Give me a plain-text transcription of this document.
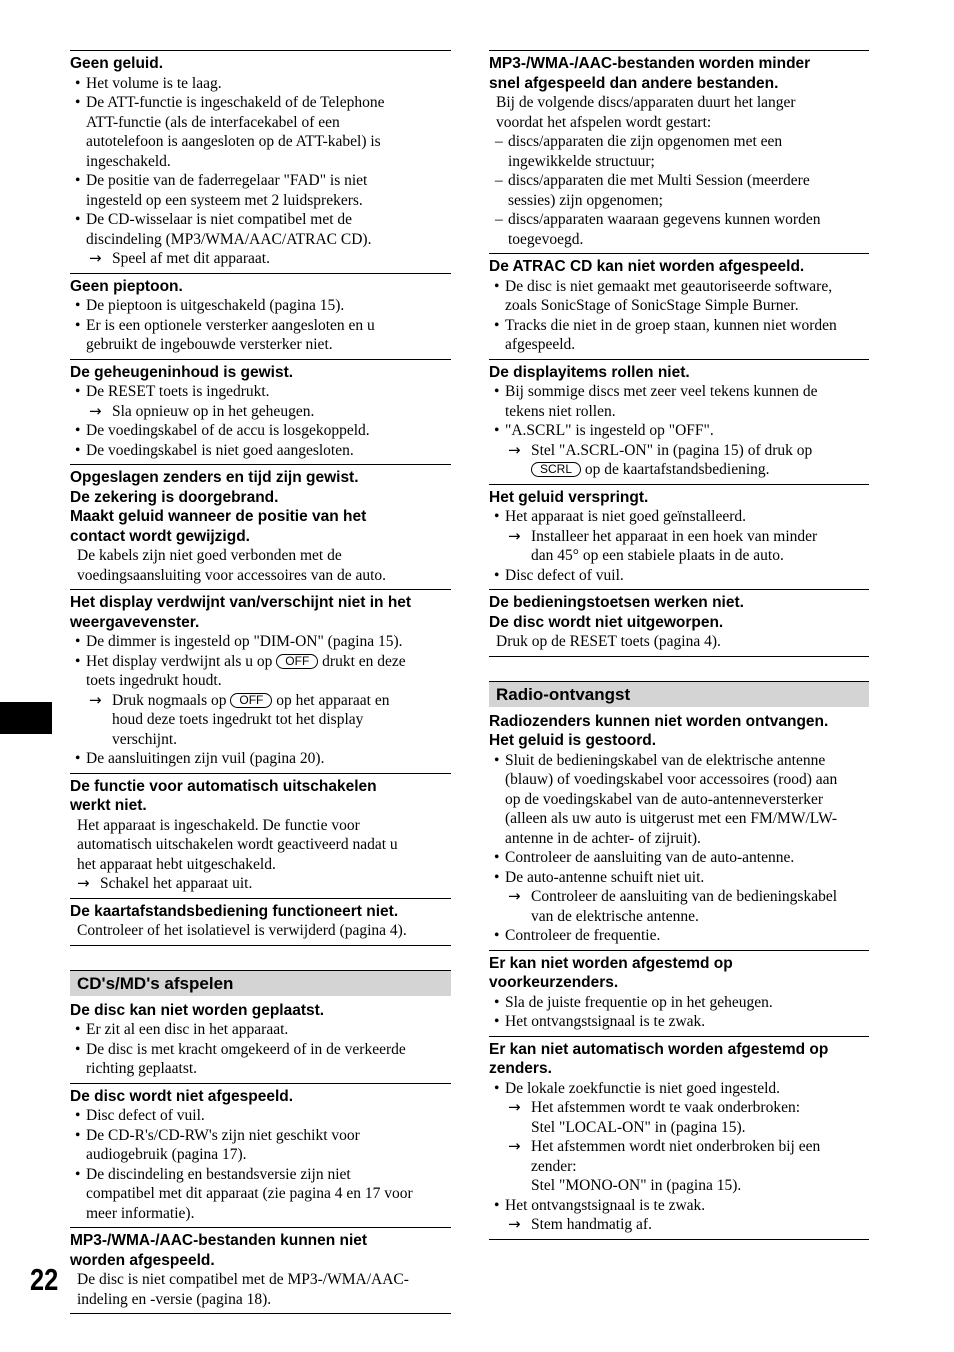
Geen geluid.
• Het volume is te laag.
• De ATT-functie is ingeschakeld of de Telephone
ATT-functie (als de interfacekabel of een
autotelefoon is aangesloten op de ATT-kabel) is
ingeschakeld.
• De positie van de faderregelaar "FAD" is niet
ingesteld op een systeem met 2 luidsprekers.
• De CD-wisselaar is niet compatibel met de
discindeling (MP3/WMA/AAC/ATRAC CD).
→ Speel af met dit apparaat.
Geen pieptoon.
• De pieptoon is uitgeschakeld (pagina 15).
• Er is een optionele versterker aangesloten en u
gebruikt de ingebouwde versterker niet.
De geheugeninhoud is gewist.
• De RESET toets is ingedrukt.
→ Sla opnieuw op in het geheugen.
• De voedingskabel of de accu is losgekoppeld.
• De voedingskabel is niet goed aangesloten.
Opgeslagen zenders en tijd zijn gewist.
De zekering is doorgebrand.
Maakt geluid wanneer de positie van het
contact wordt gewijzigd.
De kabels zijn niet goed verbonden met de
voedingsaansluiting voor accessoires van de auto.
Het display verdwijnt van/verschijnt niet in het
weergavevenster.
• De dimmer is ingesteld op "DIM-ON" (pagina 15).
• Het display verdwijnt als u op OFF drukt en deze
toets ingedrukt houdt.
→ Druk nogmaals op OFF op het apparaat en
houd deze toets ingedrukt tot het display
verschijnt.
• De aansluitingen zijn vuil (pagina 20).
De functie voor automatisch uitschakelen
werkt niet.
Het apparaat is ingeschakeld. De functie voor
automatisch uitschakelen wordt geactiveerd nadat u
het apparaat hebt uitgeschakeld.
→ Schakel het apparaat uit.
De kaartafstandsbediening functioneert niet.
Controleer of het isolatievel is verwijderd (pagina 4).
CD's/MD's afspelen
De disc kan niet worden geplaatst.
• Er zit al een disc in het apparaat.
• De disc is met kracht omgekeerd of in de verkeerde
richting geplaatst.
De disc wordt niet afgespeeld.
• Disc defect of vuil.
• De CD-R's/CD-RW's zijn niet geschikt voor
audiogebruik (pagina 17).
• De discindeling en bestandsversie zijn niet
compatibel met dit apparaat (zie pagina 4 en 17 voor
meer informatie).
MP3-/WMA-/AAC-bestanden kunnen niet
worden afgespeeld.
De disc is niet compatibel met de MP3-/WMA/AAC-
indeling en -versie (pagina 18).
MP3-/WMA-/AAC-bestanden worden minder
snel afgespeeld dan andere bestanden.
Bij de volgende discs/apparaten duurt het langer
voordat het afspelen wordt gestart:
– discs/apparaten die zijn opgenomen met een
ingewikkelde structuur;
– discs/apparaten die met Multi Session (meerdere
sessies) zijn opgenomen;
– discs/apparaten waaraan gegevens kunnen worden
toegevoegd.
De ATRAC CD kan niet worden afgespeeld.
• De disc is niet gemaakt met geautoriseerde software,
zoals SonicStage of SonicStage Simple Burner.
• Tracks die niet in de groep staan, kunnen niet worden
afgespeeld.
De displayitems rollen niet.
• Bij sommige discs met zeer veel tekens kunnen de
tekens niet rollen.
• "A.SCRL" is ingesteld op "OFF".
→ Stel "A.SCRL-ON" in (pagina 15) of druk op
SCRL op de kaartafstandsbediening.
Het geluid verspringt.
• Het apparaat is niet goed geïnstalleerd.
→ Installeer het apparaat in een hoek van minder
dan 45° op een stabiele plaats in de auto.
• Disc defect of vuil.
De bedieningstoetsen werken niet.
De disc wordt niet uitgeworpen.
Druk op de RESET toets (pagina 4).
Radio-ontvangst
Radiozenders kunnen niet worden ontvangen.
Het geluid is gestoord.
• Sluit de bedieningskabel van de elektrische antenne
(blauw) of voedingskabel voor accessoires (rood) aan
op de voedingskabel van de auto-antenneversterker
(alleen als uw auto is uitgerust met een FM/MW/LW-
antenne in de achter- of zijruit).
• Controleer de aansluiting van de auto-antenne.
• De auto-antenne schuift niet uit.
→ Controleer de aansluiting van de bedieningskabel
van de elektrische antenne.
• Controleer de frequentie.
Er kan niet worden afgestemd op
voorkeurzenders.
• Sla de juiste frequentie op in het geheugen.
• Het ontvangstsignaal is te zwak.
Er kan niet automatisch worden afgestemd op
zenders.
• De lokale zoekfunctie is niet goed ingesteld.
→ Het afstemmen wordt te vaak onderbroken:
Stel "LOCAL-ON" in (pagina 15).
→ Het afstemmen wordt niet onderbroken bij een
zender:
Stel "MONO-ON" in (pagina 15).
• Het ontvangstsignaal is te zwak.
→ Stem handmatig af.
22
